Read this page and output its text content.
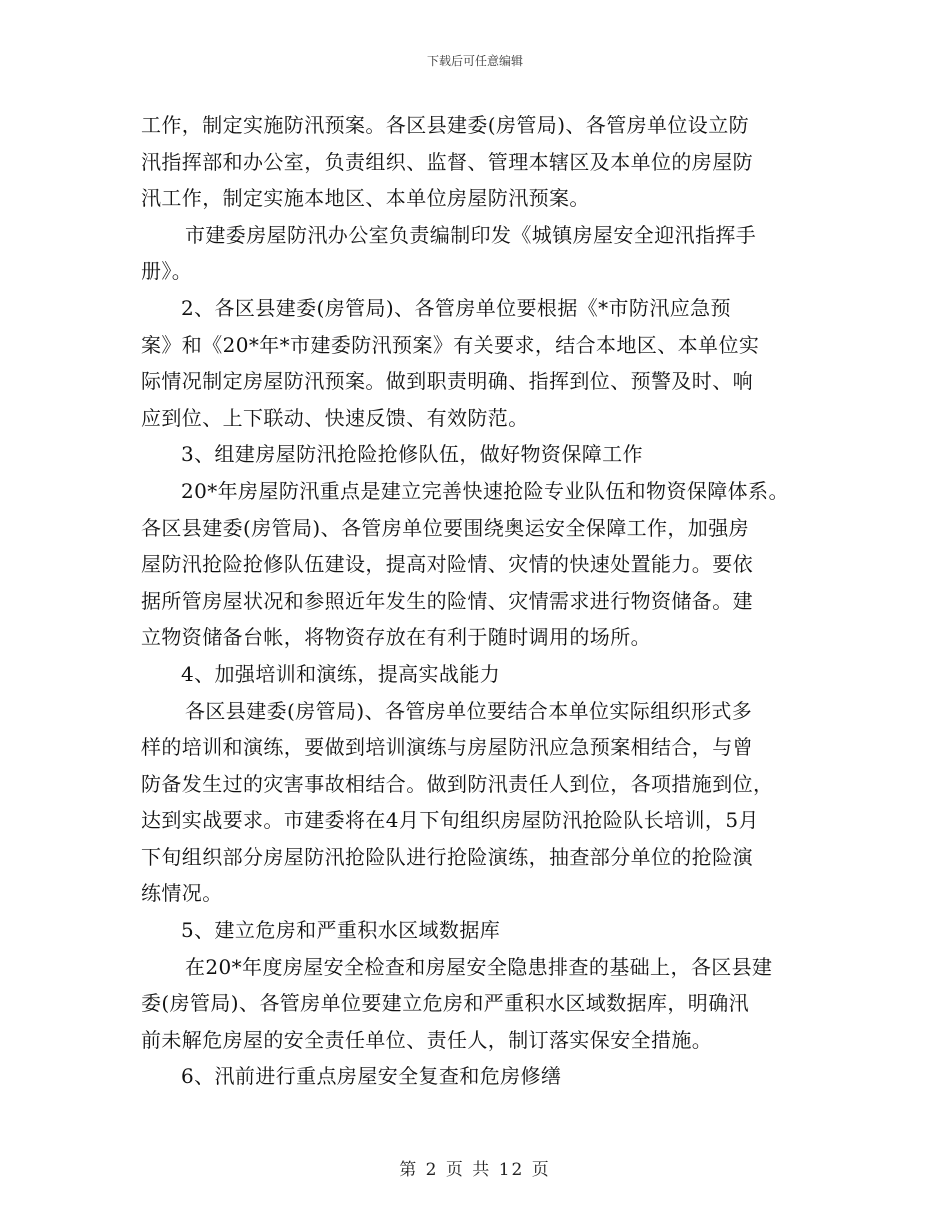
下载后可任意编辑
工作，制定实施防汛预案。各区县建委(房管局)、各管房单位设立防
汛指挥部和办公室，负责组织、监督、管理本辖区及本单位的房屋防
汛工作，制定实施本地区、本单位房屋防汛预案。
市建委房屋防汛办公室负责编制印发《城镇房屋安全迎汛指挥手
册》。
2、各区县建委(房管局)、各管房单位要根据《*市防汛应急预
案》和《20*年*市建委防汛预案》有关要求，结合本地区、本单位实
际情况制定房屋防汛预案。做到职责明确、指挥到位、预警及时、响
应到位、上下联动、快速反馈、有效防范。
3、组建房屋防汛抢险抢修队伍，做好物资保障工作
20*年房屋防汛重点是建立完善快速抢险专业队伍和物资保障体系。
各区县建委(房管局)、各管房单位要围绕奥运安全保障工作，加强房
屋防汛抢险抢修队伍建设，提高对险情、灾情的快速处置能力。要依
据所管房屋状况和参照近年发生的险情、灾情需求进行物资储备。建
立物资储备台帐，将物资存放在有利于随时调用的场所。
4、加强培训和演练，提高实战能力
各区县建委(房管局)、各管房单位要结合本单位实际组织形式多
样的培训和演练，要做到培训演练与房屋防汛应急预案相结合，与曾
防备发生过的灾害事故相结合。做到防汛责任人到位，各项措施到位，
达到实战要求。市建委将在4月下旬组织房屋防汛抢险队长培训，5月
下旬组织部分房屋防汛抢险队进行抢险演练，抽查部分单位的抢险演
练情况。
5、建立危房和严重积水区域数据库
在20*年度房屋安全检查和房屋安全隐患排查的基础上，各区县建
委(房管局)、各管房单位要建立危房和严重积水区域数据库，明确汛
前未解危房屋的安全责任单位、责任人，制订落实保安全措施。
6、汛前进行重点房屋安全复查和危房修缮
第 2 页 共 12 页
